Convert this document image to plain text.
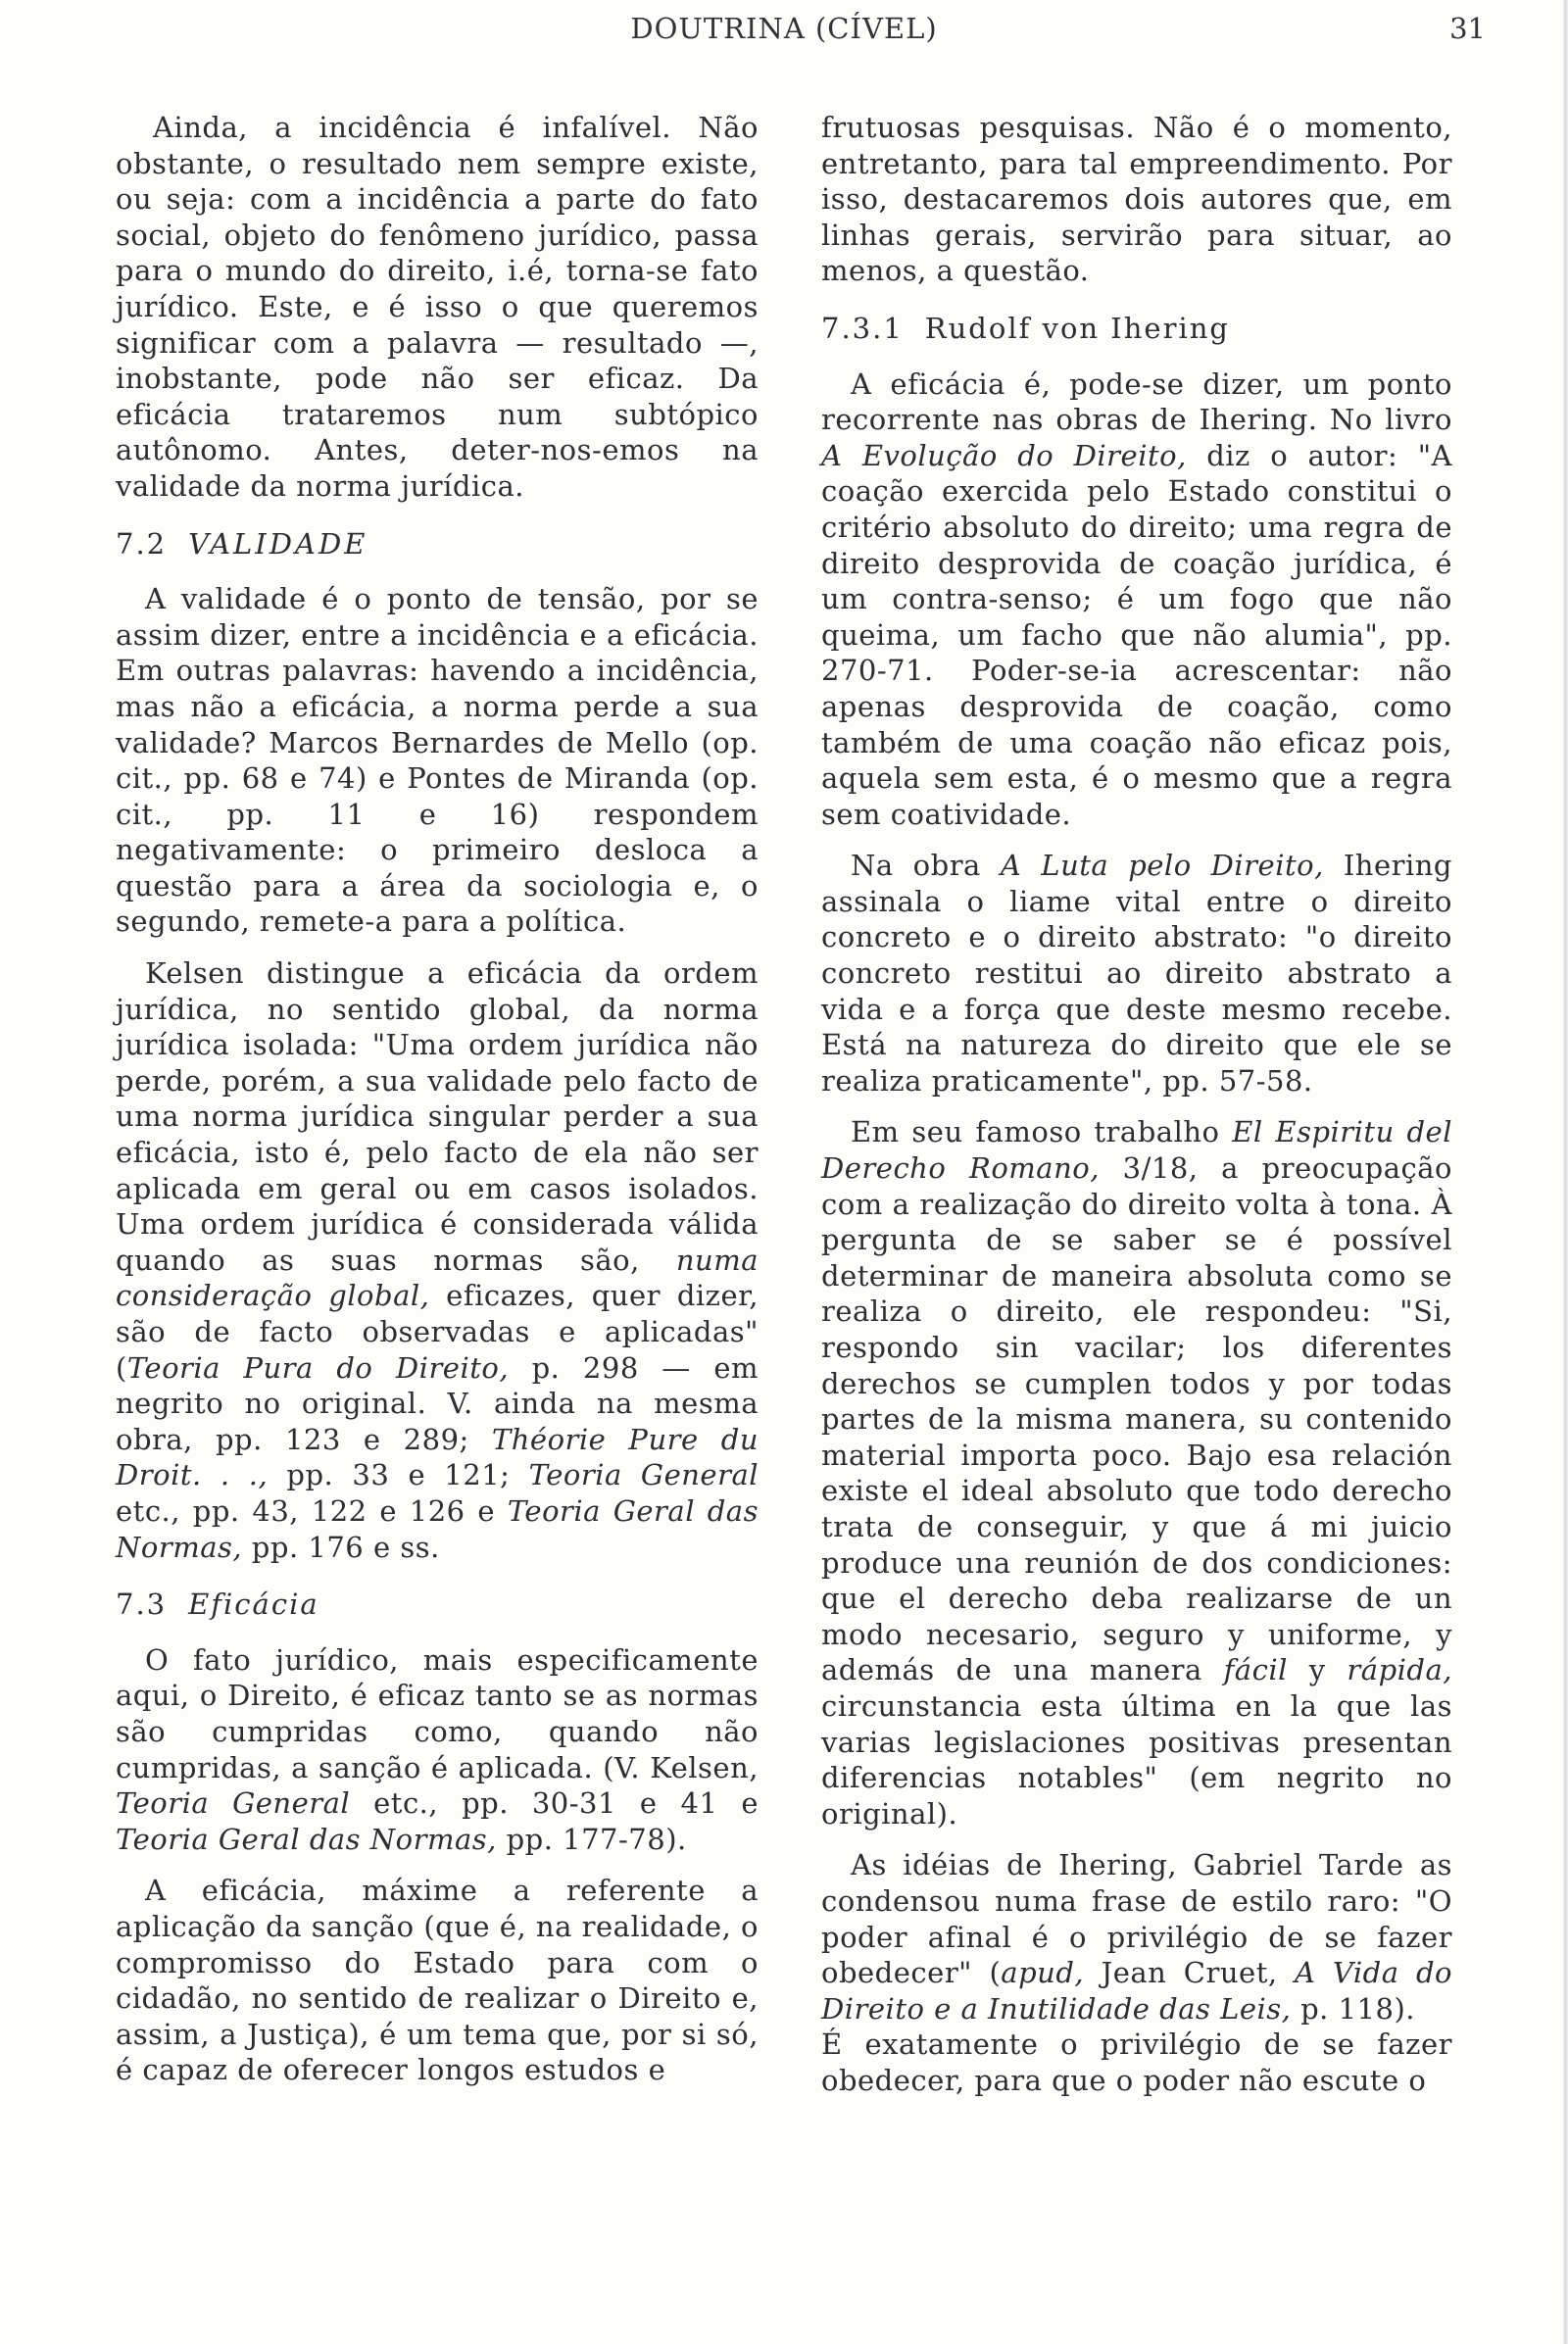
DOUTRINA (CÍVEL)	31

Ainda, a incidência é infalível. Não obstante, o resultado nem sempre existe, ou seja: com a incidência a parte do fato social, objeto do fenômeno jurídico, passa para o mundo do direito, i.é, torna-se fato jurídico. Este, e é isso o que queremos significar com a palavra — resultado —, inobstante, pode não ser eficaz. Da eficácia trataremos num subtópico autônomo. Antes, deter-nos-emos na validade da norma jurídica.

7.2 VALIDADE

A validade é o ponto de tensão, por se assim dizer, entre a incidência e a eficácia. Em outras palavras: havendo a incidência, mas não a eficácia, a norma perde a sua validade? Marcos Bernardes de Mello (op. cit., pp. 68 e 74) e Pontes de Miranda (op. cit., pp. 11 e 16) respondem negativamente: o primeiro desloca a questão para a área da sociologia e, o segundo, remete-a para a política.

Kelsen distingue a eficácia da ordem jurídica, no sentido global, da norma jurídica isolada: "Uma ordem jurídica não perde, porém, a sua validade pelo facto de uma norma jurídica singular perder a sua eficácia, isto é, pelo facto de ela não ser aplicada em geral ou em casos isolados. Uma ordem jurídica é considerada válida quando as suas normas são, numa consideração global, eficazes, quer dizer, são de facto observadas e aplicadas" (Teoria Pura do Direito, p. 298 — em negrito no original. V. ainda na mesma obra, pp. 123 e 289; Théorie Pure du Droit. . ., pp. 33 e 121; Teoria General etc., pp. 43, 122 e 126 e Teoria Geral das Normas, pp. 176 e ss.

7.3 Eficácia

O fato jurídico, mais especificamente aqui, o Direito, é eficaz tanto se as normas são cumpridas como, quando não cumpridas, a sanção é aplicada. (V. Kelsen, Teoria General etc., pp. 30-31 e 41 e Teoria Geral das Normas, pp. 177-78).

A eficácia, máxime a referente a aplicação da sanção (que é, na realidade, o compromisso do Estado para com o cidadão, no sentido de realizar o Direito e, assim, a Justiça), é um tema que, por si só, é capaz de oferecer longos estudos e

frutuosas pesquisas. Não é o momento, entretanto, para tal empreendimento. Por isso, destacaremos dois autores que, em linhas gerais, servirão para situar, ao menos, a questão.

7.3.1 Rudolf von Ihering

A eficácia é, pode-se dizer, um ponto recorrente nas obras de Ihering. No livro A Evolução do Direito, diz o autor: "A coação exercida pelo Estado constitui o critério absoluto do direito; uma regra de direito desprovida de coação jurídica, é um contra-senso; é um fogo que não queima, um facho que não alumia", pp. 270-71. Poder-se-ia acrescentar: não apenas desprovida de coação, como também de uma coação não eficaz pois, aquela sem esta, é o mesmo que a regra sem coatividade.

Na obra A Luta pelo Direito, Ihering assinala o liame vital entre o direito concreto e o direito abstrato: "o direito concreto restitui ao direito abstrato a vida e a força que deste mesmo recebe. Está na natureza do direito que ele se realiza praticamente", pp. 57-58.

Em seu famoso trabalho El Espiritu del Derecho Romano, 3/18, a preocupação com a realização do direito volta à tona. À pergunta de se saber se é possível determinar de maneira absoluta como se realiza o direito, ele respondeu: "Si, respondo sin vacilar; los diferentes derechos se cumplen todos y por todas partes de la misma manera, su contenido material importa poco. Bajo esa relación existe el ideal absoluto que todo derecho trata de conseguir, y que á mi juicio produce una reunión de dos condiciones: que el derecho deba realizarse de un modo necesario, seguro y uniforme, y además de una manera fácil y rápida, circunstancia esta última en la que las varias legislaciones positivas presentan diferencias notables" (em negrito no original).

As idéias de Ihering, Gabriel Tarde as condensou numa frase de estilo raro: "O poder afinal é o privilégio de se fazer obedecer" (apud, Jean Cruet, A Vida do Direito e a Inutilidade das Leis, p. 118).
É exatamente o privilégio de se fazer obedecer, para que o poder não escute o
